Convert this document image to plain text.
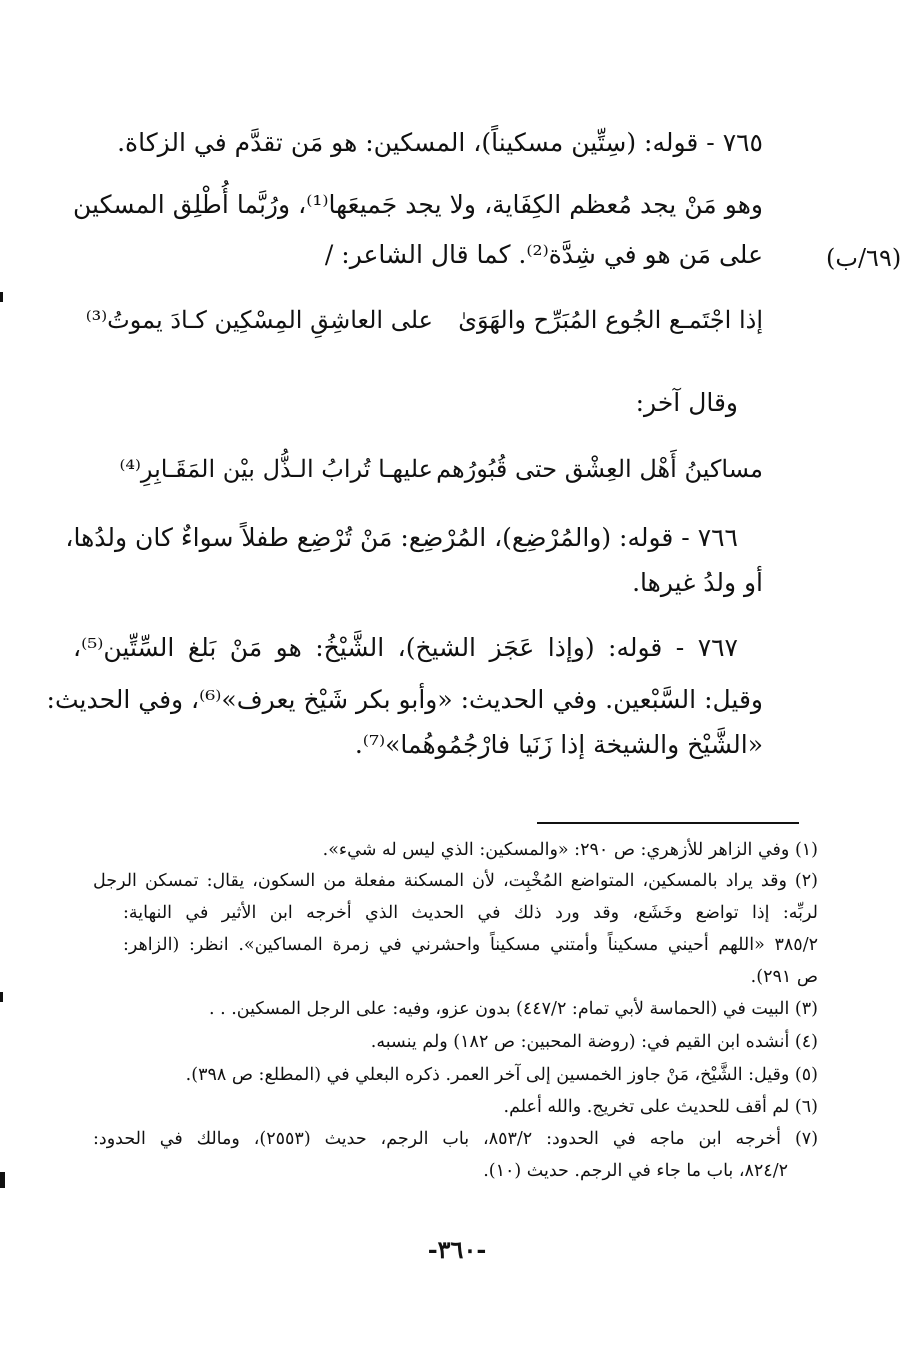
٧٦٥ - قوله: (سِتِّين مسكيناً)، المسكين: هو مَن تقدَّم في الزكاة.
وهو مَنْ يجد مُعظم الكِفَاية، ولا يجد جَميعَها⁽¹⁾، ورُبَّما أُطْلِق المسكين
على مَن هو في شِدَّة⁽²⁾. كما قال الشاعر: /	(٦٩/ب)
إذا اجْتَمـع الجُوع المُبَرِّح والهَوَىٰ
على العاشِقِ المِسْكِين كـادَ يموتُ⁽³⁾
وقال آخر:
مساكينُ أَهْل العِشْق حتى قُبُورُهم
عليهـا تُرابُ الـذُّل بيْن المَقَـابِرِ⁽⁴⁾
٧٦٦ - قوله: (والمُرْضِع)، المُرْضِع: مَنْ تُرْضِع طفلاً سواءٌ كان ولدُها،
أو ولدُ غيرها.
٧٦٧ - قوله: (وإذا عَجَز الشيخ)، الشَّيْخُ: هو مَنْ بَلغ السِّتِّين⁽⁵⁾،
وقيل: السَّبْعين. وفي الحديث: «وأبو بكر شَيْخ يعرف»⁽⁶⁾، وفي الحديث:
«الشَّيْخ والشيخة إذا زَنَيا فارْجُمُوهُما»⁽⁷⁾.
(١) وفي الزاهر للأزهري: ص ٢٩٠: «والمسكين: الذي ليس له شيء».
(٢) وقد يراد بالمسكين، المتواضع المُخْبِت، لأن المسكنة مفعلة من السكون، يقال: تمسكن الرجل
لربِّه: إذا تواضع وخَشَع، وقد ورد ذلك في الحديث الذي أخرجه ابن الأثير في النهاية:
٣٨٥/٢ «اللهم أحيني مسكيناً وأمتني مسكيناً واحشرني في زمرة المساكين». انظر: (الزاهر:
ص ٢٩١).
(٣) البيت في (الحماسة لأبي تمام: ٤٤٧/٢) بدون عزو، وفيه: على الرجل المسكين. . .
(٤) أنشده ابن القيم في: (روضة المحبين: ص ١٨٢) ولم ينسبه.
(٥) وقيل: الشَّيْخ، مَنْ جاوز الخمسين إلى آخر العمر. ذكره البعلي في (المطلع: ص ٣٩٨).
(٦) لم أقف للحديث على تخريج. والله أعلم.
(٧) أخرجه ابن ماجه في الحدود: ٨٥٣/٢، باب الرجم، حديث (٢٥٥٣)، ومالك في الحدود:
٨٢٤/٢، باب ما جاء في الرجم. حديث (١٠).
-٣٦٠-
